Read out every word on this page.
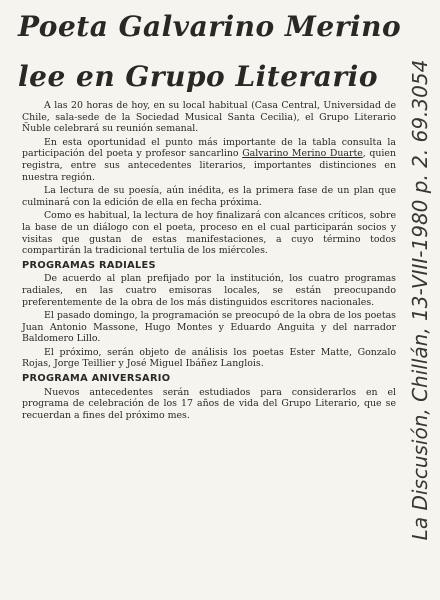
Poeta Galvarino Merino
lee en Grupo Literario

A las 20 horas de hoy, en su local habitual (Casa Central, Universidad de Chile, sala-sede de la Sociedad Musical Santa Cecilia), el Grupo Literario Ñuble celebrará su reunión semanal.

En esta oportunidad el punto más importante de la tabla consulta la participación del poeta y profesor sancarlino Galvarino Merino Duarte, quien registra, entre sus antecedentes literarios, importantes distinciones en nuestra región.

La lectura de su poesía, aún inédita, es la primera fase de un plan que culminará con la edición de ella en fecha próxima.

Como es habitual, la lectura de hoy finalizará con alcances críticos, sobre la base de un diálogo con el poeta, proceso en el cual participarán socios y visitas que gustan de estas manifestaciones, a cuyo término todos compartirán la tradicional tertulia de los miércoles.

PROGRAMAS RADIALES

De acuerdo al plan prefijado por la institución, los cuatro programas radiales, en las cuatro emisoras locales, se están preocupando preferentemente de la obra de los más distinguidos escritores nacionales.

El pasado domingo, la programación se preocupó de la obra de los poetas Juan Antonio Massone, Hugo Montes y Eduardo Anguita y del narrador Baldomero Lillo.

El próximo, serán objeto de análisis los poetas Ester Matte, Gonzalo Rojas, Jorge Teillier y José Miguel Ibáñez Langlois.

PROGRAMA ANIVERSARIO

Nuevos antecedentes serán estudiados para considerarlos en el programa de celebración de los 17 años de vida del Grupo Literario, que se recuerdan a fines del próximo mes.	La Discusión, Chillán, 13-VIII-1980 p. 2. 69.3054
